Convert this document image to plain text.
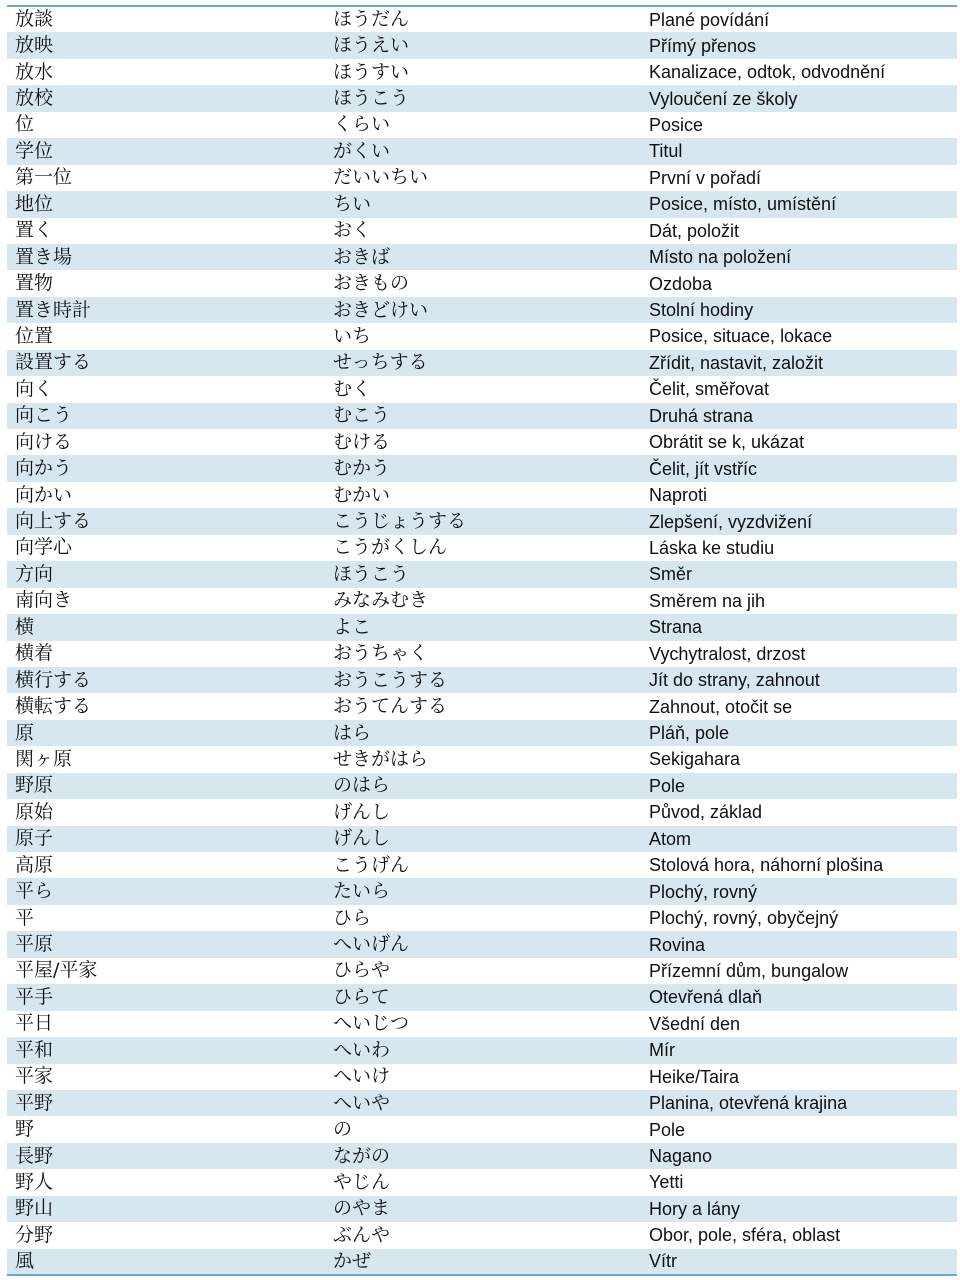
放談	ほうだん	Plané povídání
放映	ほうえい	Přímý přenos
放水	ほうすい	Kanalizace, odtok, odvodnění
放校	ほうこう	Vyloučení ze školy
位	くらい	Posice
学位	がくい	Titul
第一位	だいいちい	První v pořadí
地位	ちい	Posice, místo, umístění
置く	おく	Dát, položit
置き場	おきば	Místo na položení
置物	おきもの	Ozdoba
置き時計	おきどけい	Stolní hodiny
位置	いち	Posice, situace, lokace
設置する	せっちする	Zřídit, nastavit, založit
向く	むく	Čelit, směřovat
向こう	むこう	Druhá strana
向ける	むける	Obrátit se k, ukázat
向かう	むかう	Čelit, jít vstříc
向かい	むかい	Naproti
向上する	こうじょうする	Zlepšení, vyzdvižení
向学心	こうがくしん	Láska ke studiu
方向	ほうこう	Směr
南向き	みなみむき	Směrem na jih
横	よこ	Strana
横着	おうちゃく	Vychytralost, drzost
横行する	おうこうする	Jít do strany, zahnout
横転する	おうてんする	Zahnout, otočit se
原	はら	Pláň, pole
関ヶ原	せきがはら	Sekigahara
野原	のはら	Pole
原始	げんし	Původ, základ
原子	げんし	Atom
高原	こうげん	Stolová hora, náhorní plošina
平ら	たいら	Plochý, rovný
平	ひら	Plochý, rovný, obyčejný
平原	へいげん	Rovina
平屋/平家	ひらや	Přízemní dům, bungalow
平手	ひらて	Otevřená dlaň
平日	へいじつ	Všední den
平和	へいわ	Mír
平家	へいけ	Heike/Taira
平野	へいや	Planina, otevřená krajina
野	の	Pole
長野	ながの	Nagano
野人	やじん	Yetti
野山	のやま	Hory a lány
分野	ぶんや	Obor, pole, sféra, oblast
風	かぜ	Vítr
